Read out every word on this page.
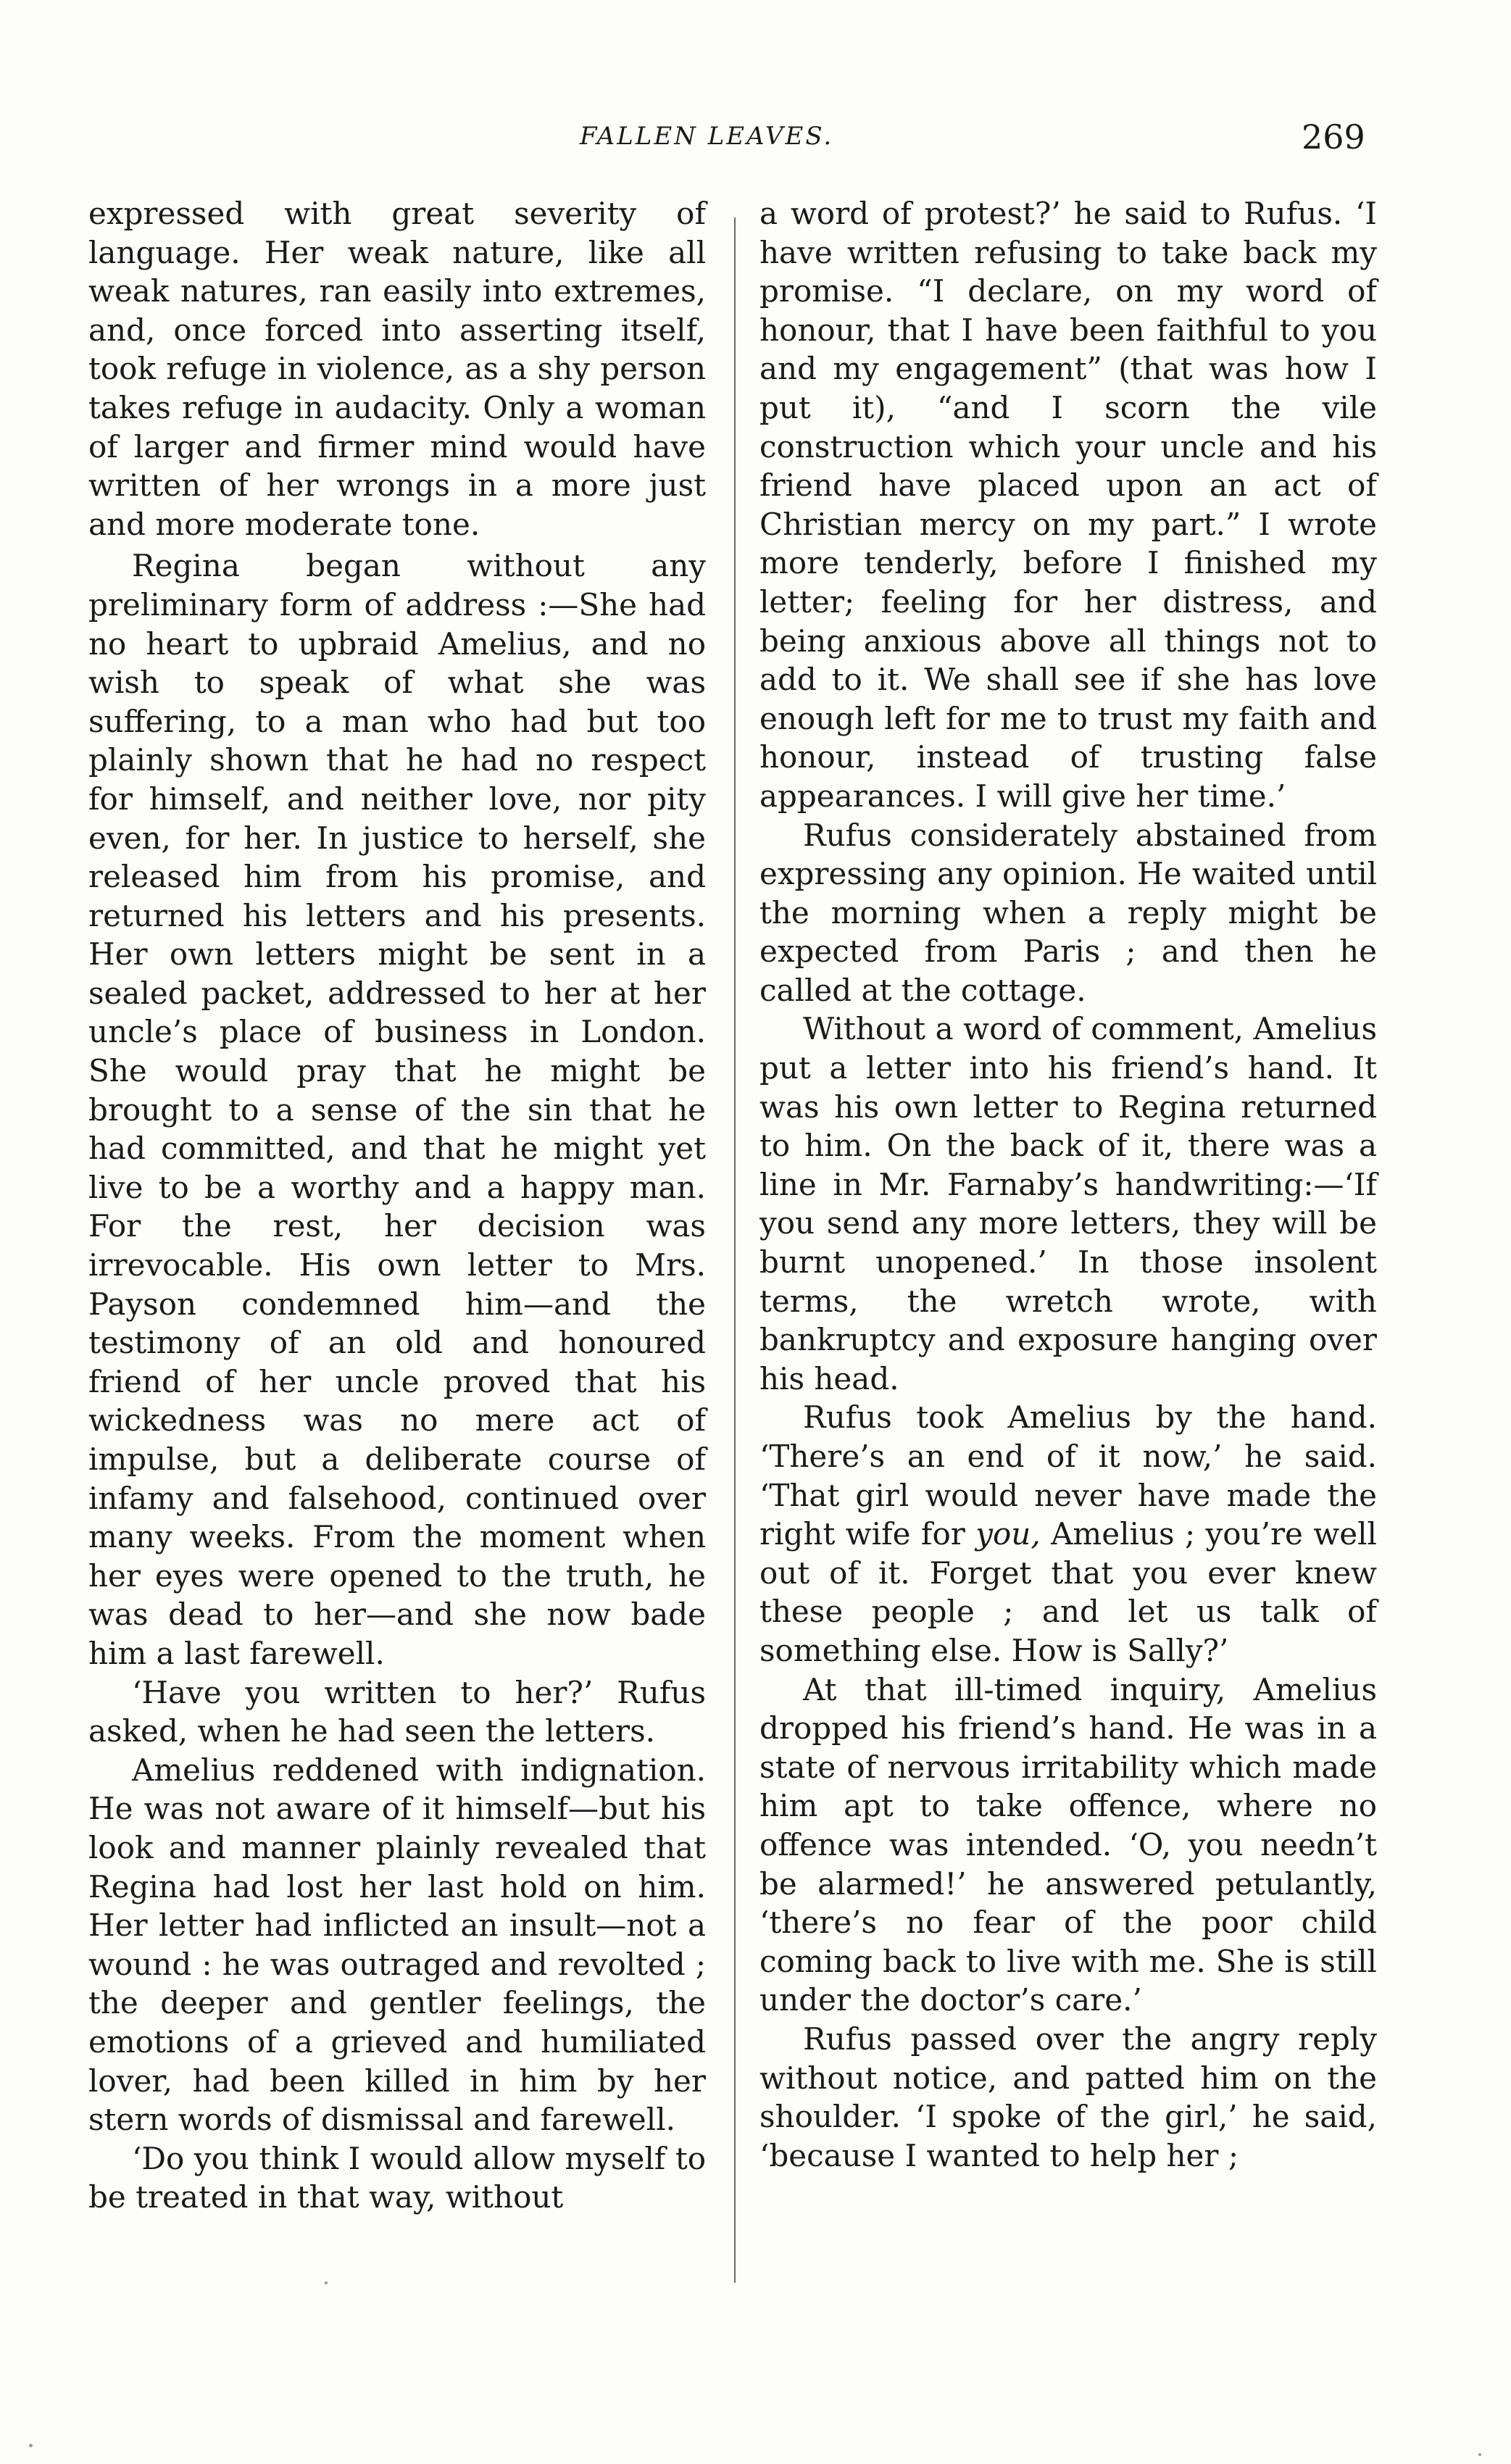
FALLEN LEAVES.	269

expressed with great severity of language. Her weak nature, like all weak natures, ran easily into extremes, and, once forced into asserting itself, took refuge in violence, as a shy person takes refuge in audacity. Only a woman of larger and firmer mind would have written of her wrongs in a more just and more moderate tone.

Regina began without any preliminary form of address :—She had no heart to upbraid Amelius, and no wish to speak of what she was suffering, to a man who had but too plainly shown that he had no respect for himself, and neither love, nor pity even, for her. In justice to herself, she released him from his promise, and returned his letters and his presents. Her own letters might be sent in a sealed packet, addressed to her at her uncle’s place of business in London. She would pray that he might be brought to a sense of the sin that he had committed, and that he might yet live to be a worthy and a happy man. For the rest, her decision was irrevocable. His own letter to Mrs. Payson condemned him—and the testimony of an old and honoured friend of her uncle proved that his wickedness was no mere act of impulse, but a deliberate course of infamy and falsehood, continued over many weeks. From the moment when her eyes were opened to the truth, he was dead to her—and she now bade him a last farewell.

‘Have you written to her?’ Rufus asked, when he had seen the letters.

Amelius reddened with indignation. He was not aware of it himself—but his look and manner plainly revealed that Regina had lost her last hold on him. Her letter had inflicted an insult—not a wound : he was outraged and revolted ; the deeper and gentler feelings, the emotions of a grieved and humiliated lover, had been killed in him by her stern words of dismissal and farewell.

‘Do you think I would allow myself to be treated in that way, without

a word of protest?’ he said to Rufus. ‘I have written refusing to take back my promise. “I declare, on my word of honour, that I have been faithful to you and my engagement” (that was how I put it), “and I scorn the vile construction which your uncle and his friend have placed upon an act of Christian mercy on my part.” I wrote more tenderly, before I finished my letter; feeling for her distress, and being anxious above all things not to add to it. We shall see if she has love enough left for me to trust my faith and honour, instead of trusting false appearances. I will give her time.’

Rufus considerately abstained from expressing any opinion. He waited until the morning when a reply might be expected from Paris ; and then he called at the cottage.

Without a word of comment, Amelius put a letter into his friend’s hand. It was his own letter to Regina returned to him. On the back of it, there was a line in Mr. Farnaby’s handwriting:—‘If you send any more letters, they will be burnt unopened.’ In those insolent terms, the wretch wrote, with bankruptcy and exposure hanging over his head.

Rufus took Amelius by the hand. ‘There’s an end of it now,’ he said. ‘That girl would never have made the right wife for you, Amelius ; you’re well out of it. Forget that you ever knew these people ; and let us talk of something else. How is Sally?’

At that ill-timed inquiry, Amelius dropped his friend’s hand. He was in a state of nervous irritability which made him apt to take offence, where no offence was intended. ‘O, you needn’t be alarmed!’ he answered petulantly, ‘there’s no fear of the poor child coming back to live with me. She is still under the doctor’s care.’

Rufus passed over the angry reply without notice, and patted him on the shoulder. ‘I spoke of the girl,’ he said, ‘because I wanted to help her ;
